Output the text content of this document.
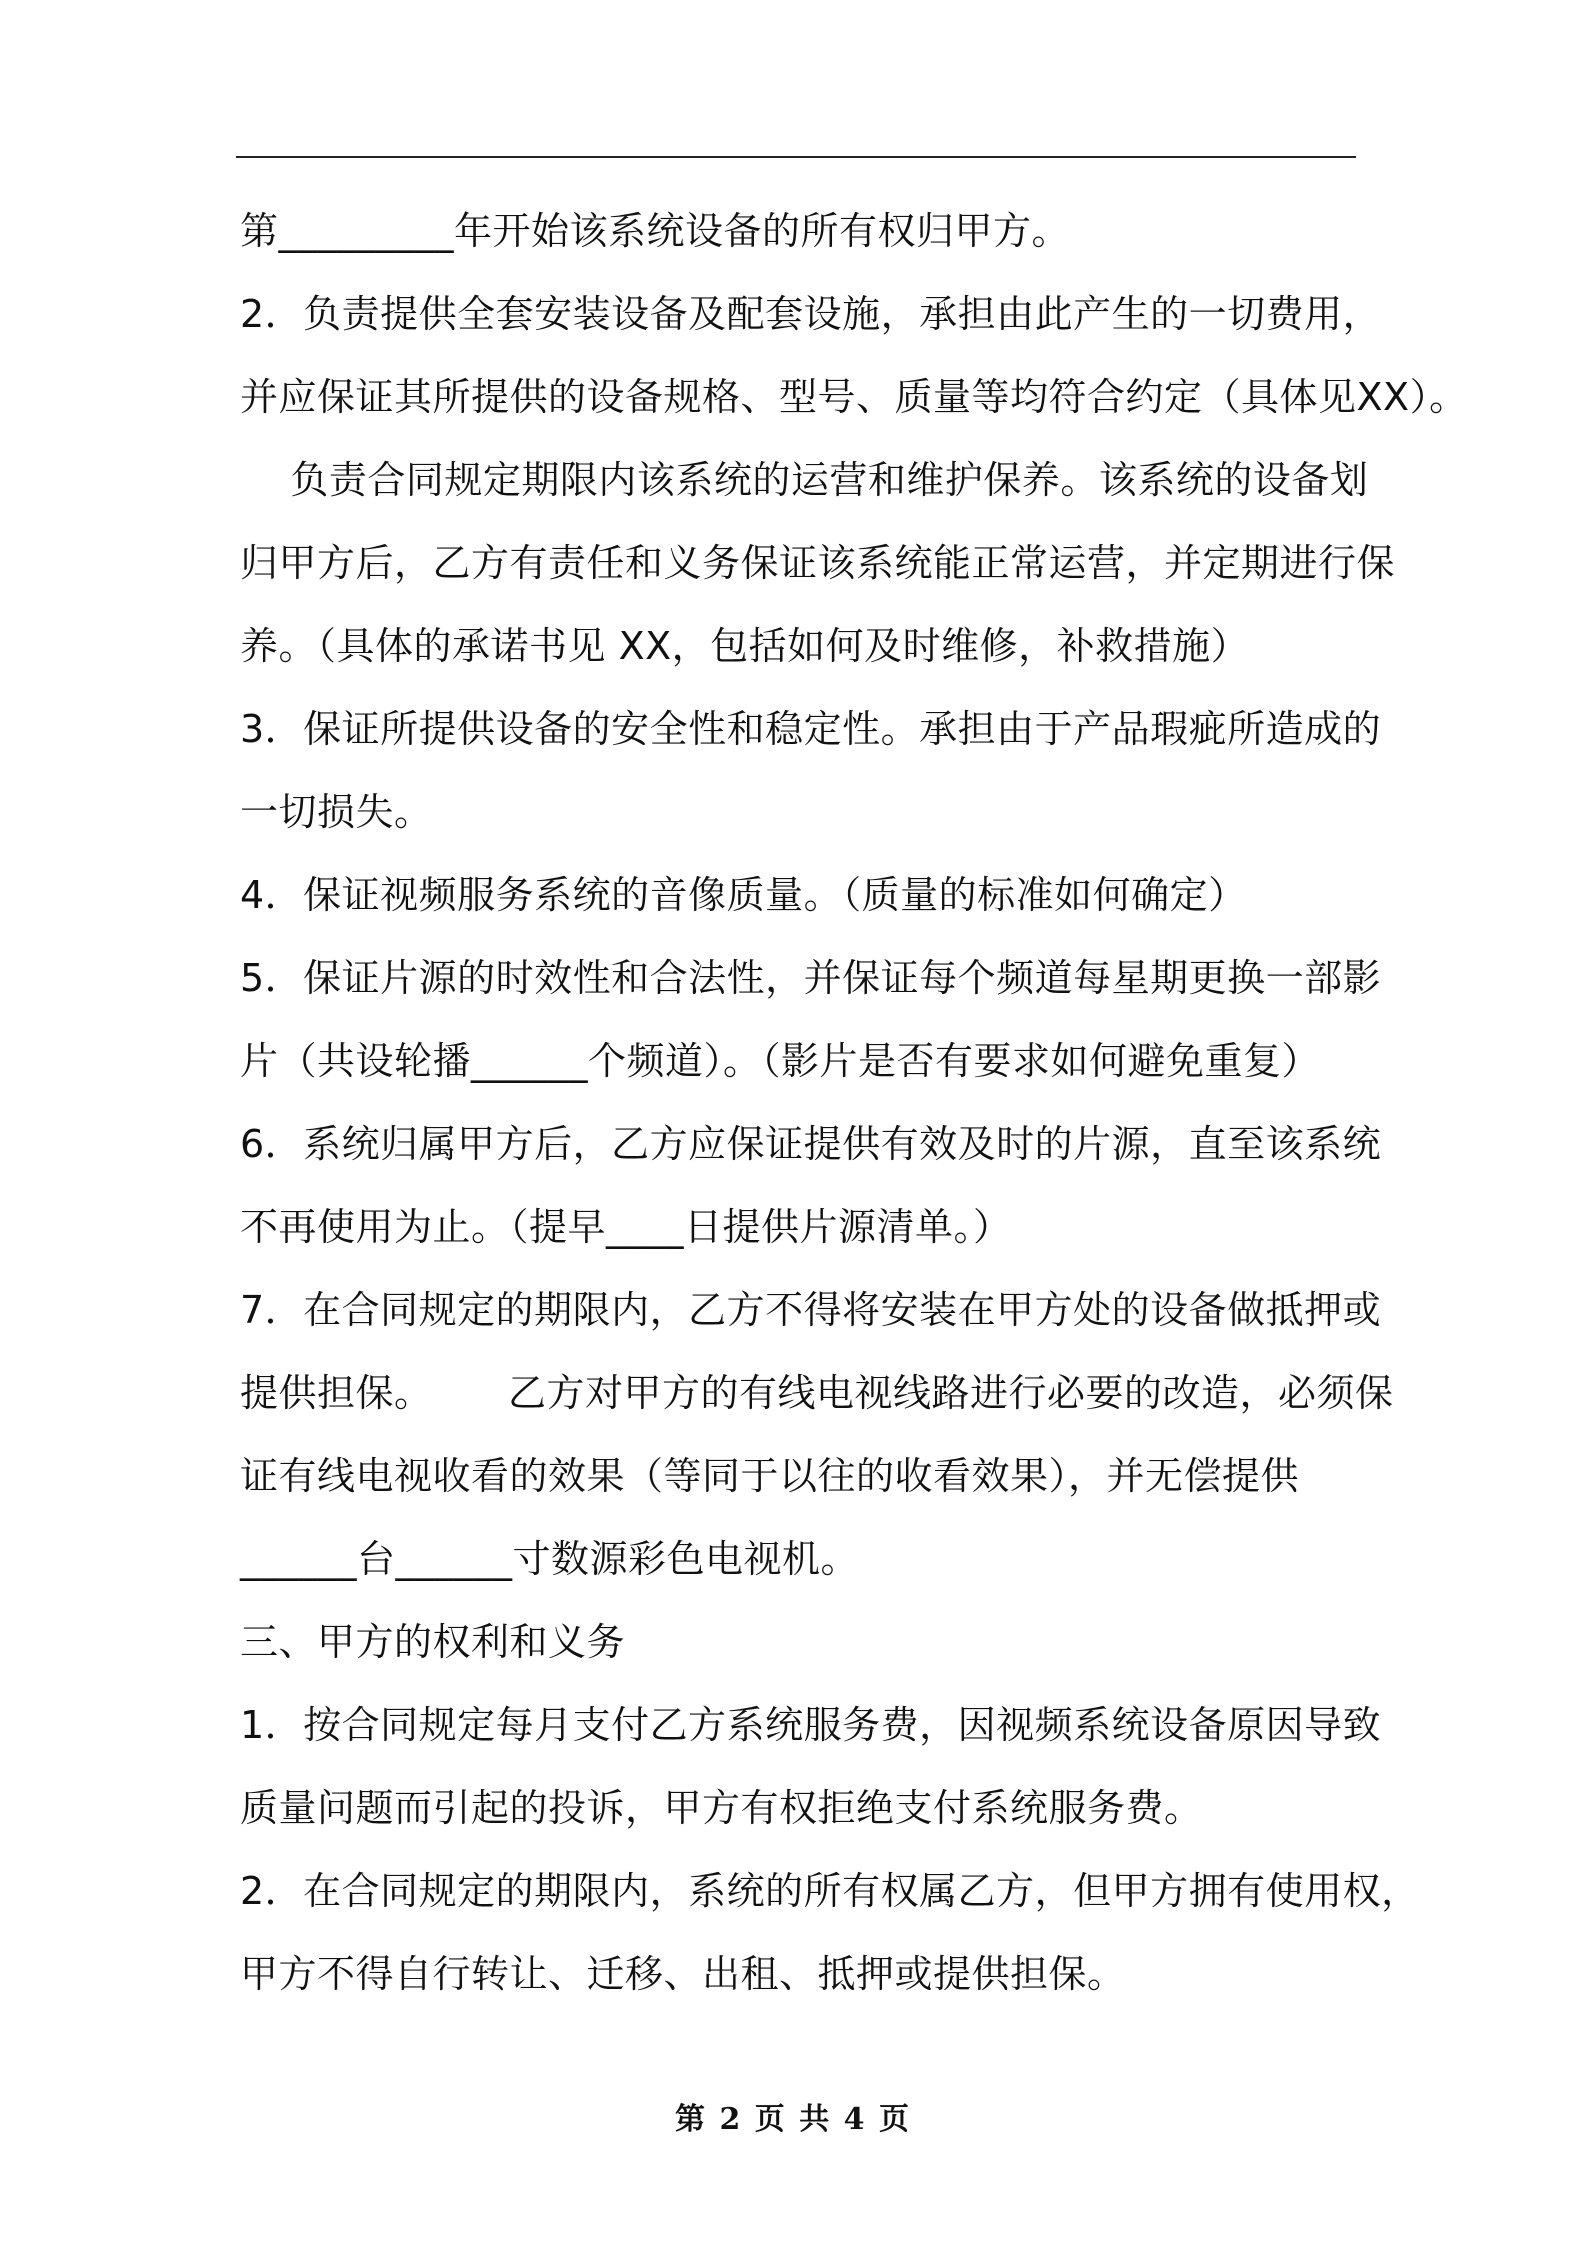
第_________年开始该系统设备的所有权归甲方。
2．负责提供全套安装设备及配套设施，承担由此产生的一切费用，
并应保证其所提供的设备规格、型号、质量等均符合约定（具体见XX）。
负责合同规定期限内该系统的运营和维护保养。该系统的设备划
归甲方后，乙方有责任和义务保证该系统能正常运营，并定期进行保
养。（具体的承诺书见 XX，包括如何及时维修，补救措施）
3．保证所提供设备的安全性和稳定性。承担由于产品瑕疵所造成的
一切损失。
4．保证视频服务系统的音像质量。（质量的标准如何确定）
5．保证片源的时效性和合法性，并保证每个频道每星期更换一部影
片（共设轮播______个频道）。（影片是否有要求如何避免重复）
6．系统归属甲方后，乙方应保证提供有效及时的片源，直至该系统
不再使用为止。（提早____日提供片源清单。）
7．在合同规定的期限内，乙方不得将安装在甲方处的设备做抵押或
提供担保。      乙方对甲方的有线电视线路进行必要的改造，必须保
证有线电视收看的效果（等同于以往的收看效果），并无偿提供
______台______寸数源彩色电视机。
三、甲方的权利和义务
1．按合同规定每月支付乙方系统服务费，因视频系统设备原因导致
质量问题而引起的投诉，甲方有权拒绝支付系统服务费。
2．在合同规定的期限内，系统的所有权属乙方，但甲方拥有使用权，
甲方不得自行转让、迁移、出租、抵押或提供担保。
第 2 页 共 4 页
